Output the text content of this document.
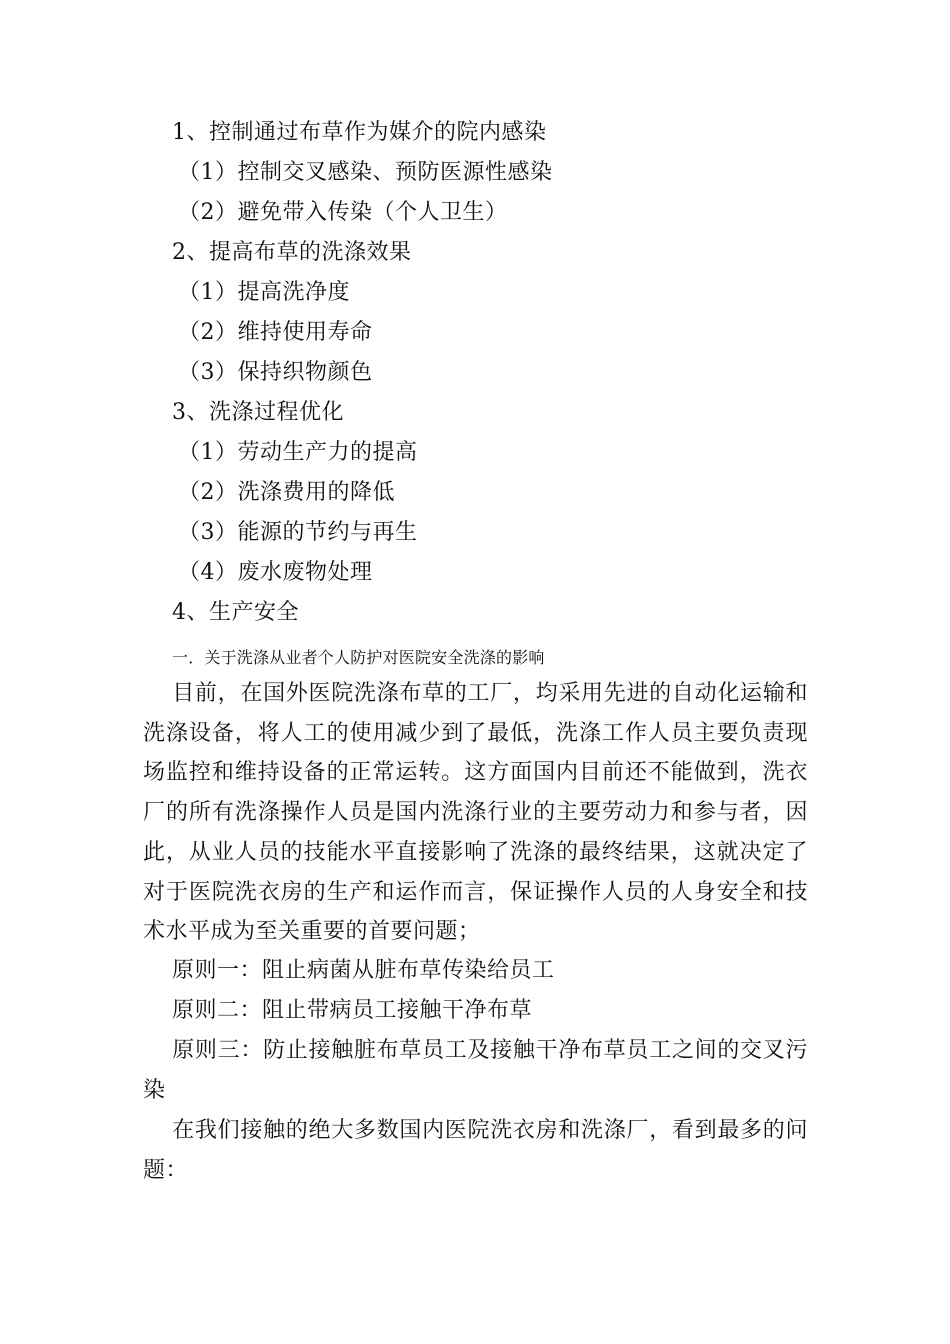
1、控制通过布草作为媒介的院内感染
（1）控制交叉感染、预防医源性感染
（2）避免带入传染（个人卫生）
2、提高布草的洗涤效果
（1）提高洗净度
（2）维持使用寿命
（3）保持织物颜色
3、洗涤过程优化
（1）劳动生产力的提高
（2）洗涤费用的降低
（3）能源的节约与再生
（4）废水废物处理
4、生产安全
一．关于洗涤从业者个人防护对医院安全洗涤的影响
目前，在国外医院洗涤布草的工厂，均采用先进的自动化运输和洗涤设备，将人工的使用减少到了最低，洗涤工作人员主要负责现场监控和维持设备的正常运转。这方面国内目前还不能做到，洗衣厂的所有洗涤操作人员是国内洗涤行业的主要劳动力和参与者，因此，从业人员的技能水平直接影响了洗涤的最终结果，这就决定了对于医院洗衣房的生产和运作而言，保证操作人员的人身安全和技术水平成为至关重要的首要问题；
原则一：阻止病菌从脏布草传染给员工
原则二：阻止带病员工接触干净布草
原则三：防止接触脏布草员工及接触干净布草员工之间的交叉污染
在我们接触的绝大多数国内医院洗衣房和洗涤厂，看到最多的问题：
